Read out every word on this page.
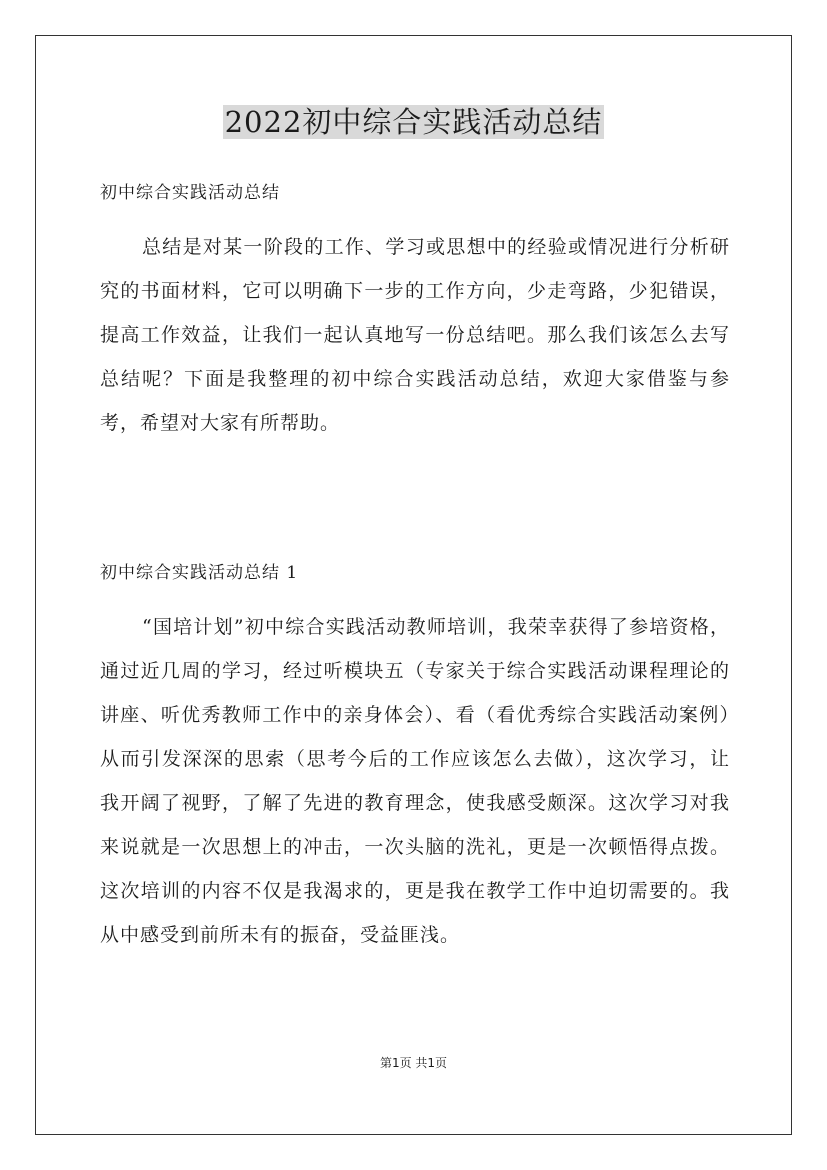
2022初中综合实践活动总结
初中综合实践活动总结

总结是对某一阶段的工作、学习或思想中的经验或情况进行分析研究的书面材料，它可以明确下一步的工作方向，少走弯路，少犯错误，提高工作效益，让我们一起认真地写一份总结吧。那么我们该怎么去写总结呢？下面是我整理的初中综合实践活动总结，欢迎大家借鉴与参考，希望对大家有所帮助。

初中综合实践活动总结 1

“国培计划”初中综合实践活动教师培训，我荣幸获得了参培资格，通过近几周的学习，经过听模块五（专家关于综合实践活动课程理论的讲座、听优秀教师工作中的亲身体会）、看（看优秀综合实践活动案例）从而引发深深的思索（思考今后的工作应该怎么去做），这次学习，让我开阔了视野，了解了先进的教育理念，使我感受颇深。这次学习对我来说就是一次思想上的冲击，一次头脑的洗礼，更是一次顿悟得点拨。这次培训的内容不仅是我渴求的，更是我在教学工作中迫切需要的。我从中感受到前所未有的振奋，受益匪浅。

第1页 共1页
